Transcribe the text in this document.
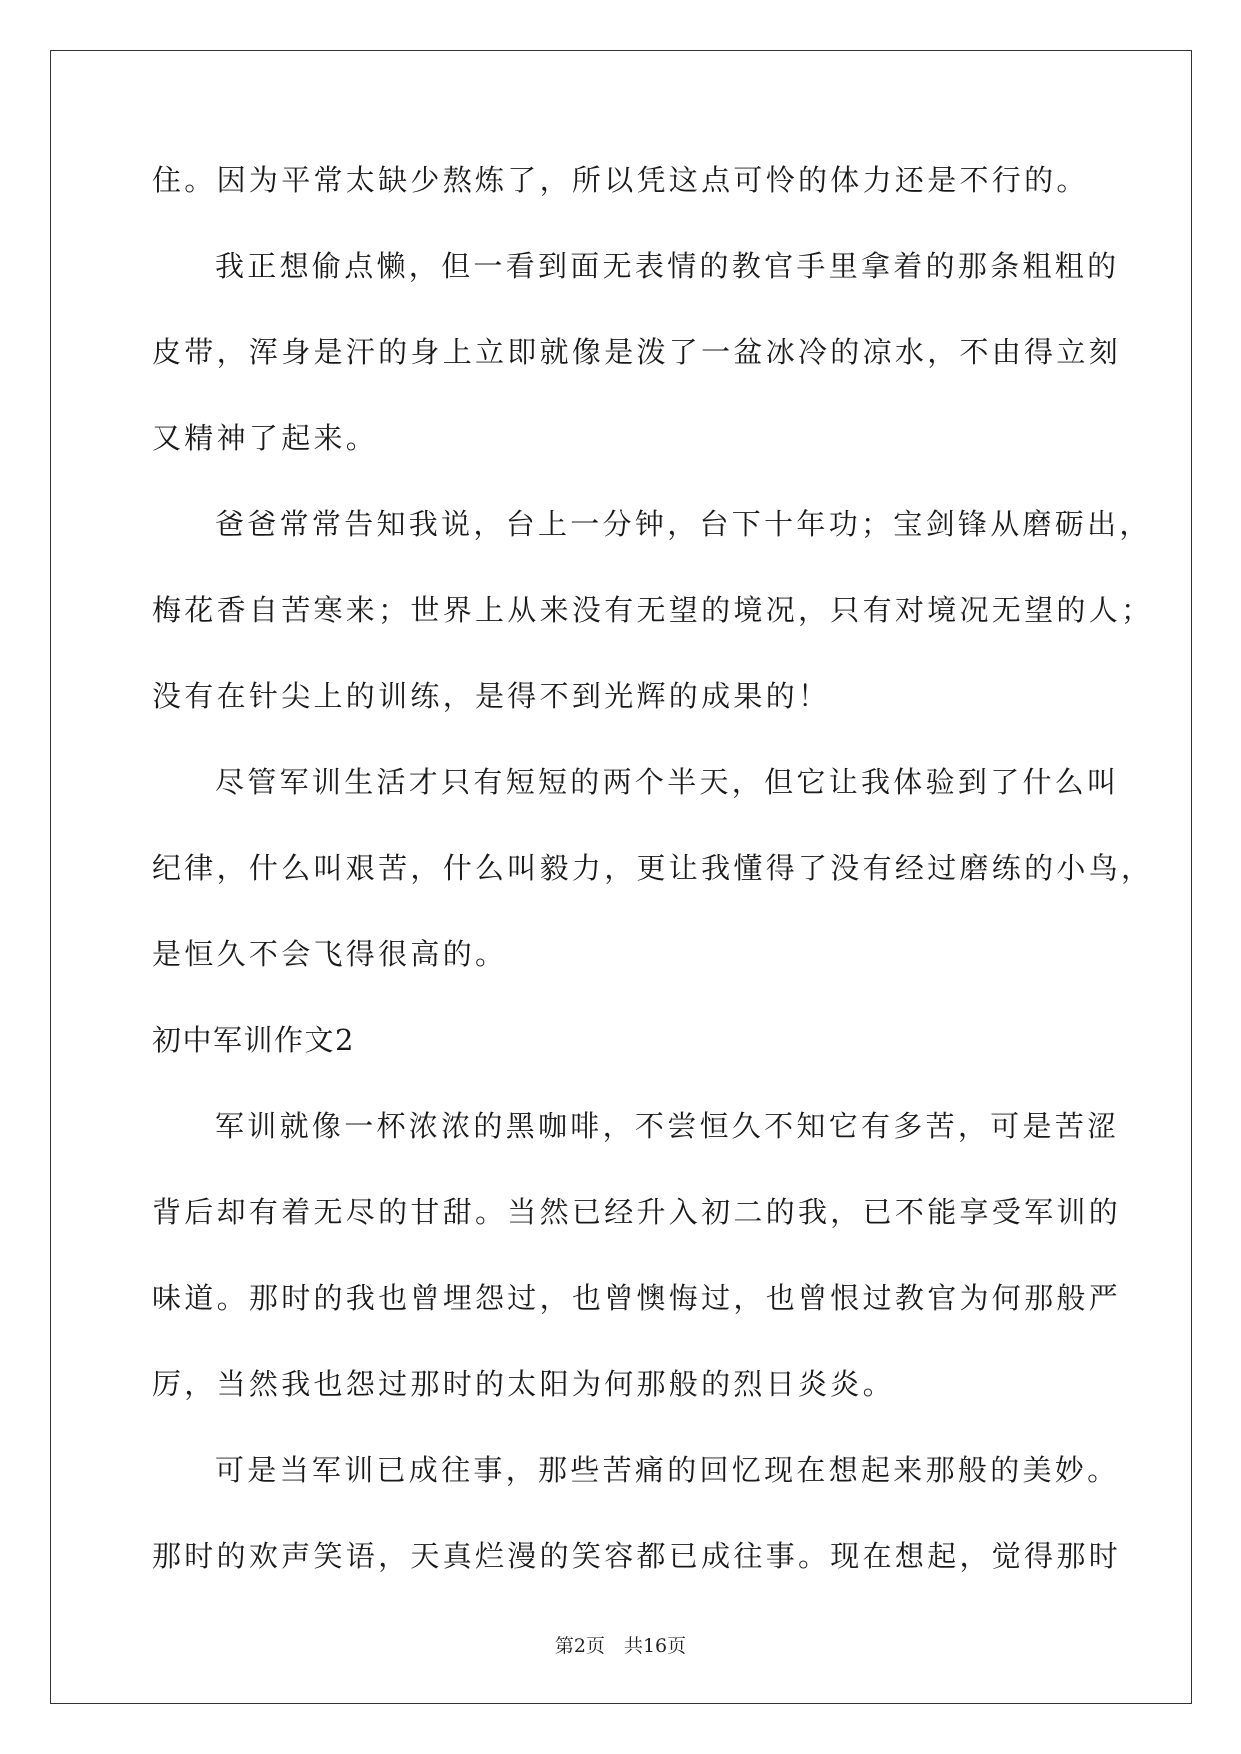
住。因为平常太缺少熬炼了，所以凭这点可怜的体力还是不行的。
我正想偷点懒，但一看到面无表情的教官手里拿着的那条粗粗的
皮带，浑身是汗的身上立即就像是泼了一盆冰冷的凉水，不由得立刻
又精神了起来。
爸爸常常告知我说，台上一分钟，台下十年功；宝剑锋从磨砺出，
梅花香自苦寒来；世界上从来没有无望的境况，只有对境况无望的人；
没有在针尖上的训练，是得不到光辉的成果的！
尽管军训生活才只有短短的两个半天，但它让我体验到了什么叫
纪律，什么叫艰苦，什么叫毅力，更让我懂得了没有经过磨练的小鸟，
是恒久不会飞得很高的。
初中军训作文2
军训就像一杯浓浓的黑咖啡，不尝恒久不知它有多苦，可是苦涩
背后却有着无尽的甘甜。当然已经升入初二的我，已不能享受军训的
味道。那时的我也曾埋怨过，也曾懊悔过，也曾恨过教官为何那般严
厉，当然我也怨过那时的太阳为何那般的烈日炎炎。
可是当军训已成往事，那些苦痛的回忆现在想起来那般的美妙。
那时的欢声笑语，天真烂漫的笑容都已成往事。现在想起，觉得那时
第2页　共16页
